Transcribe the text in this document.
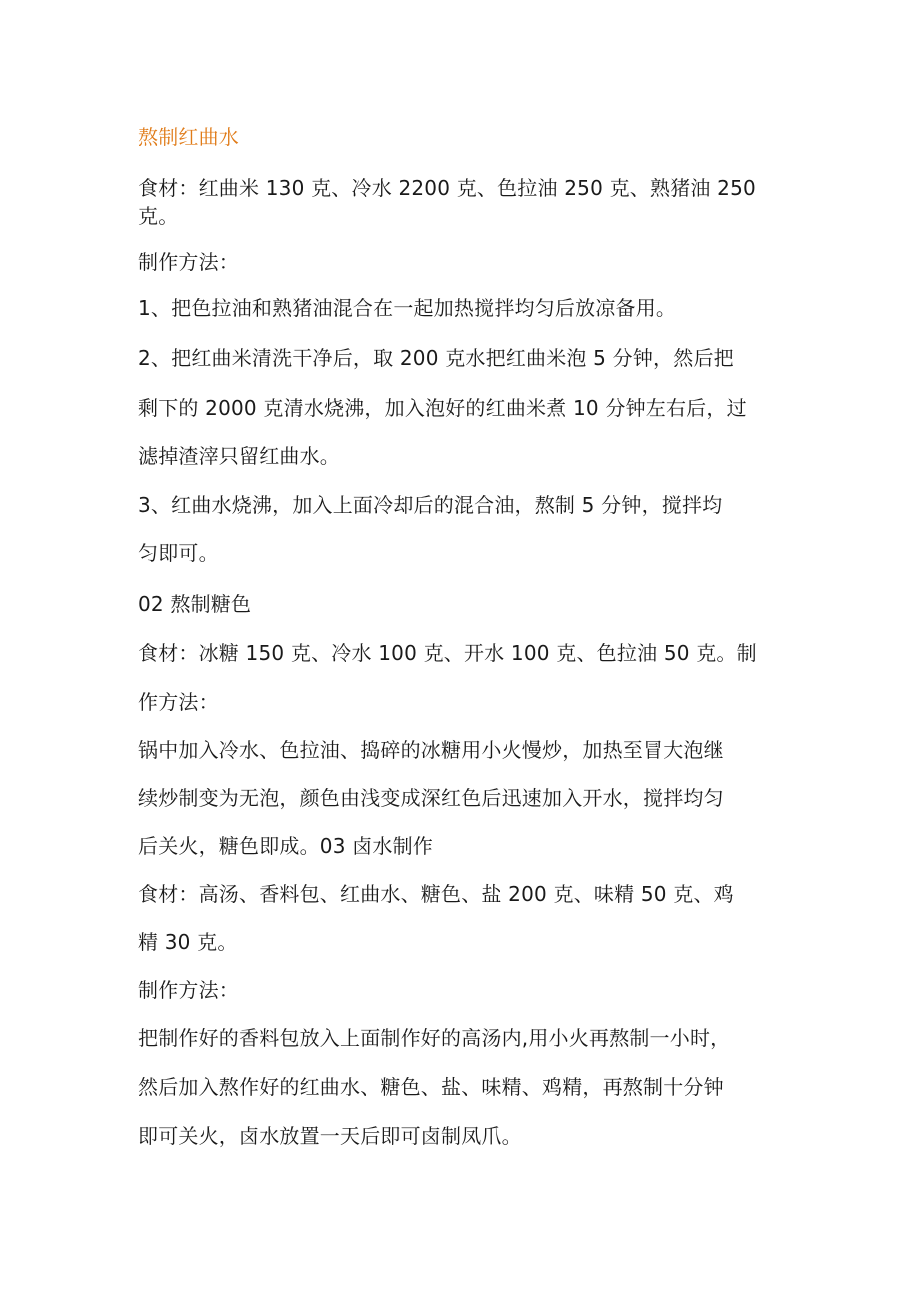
熬制红曲水
食材：红曲米 130 克、冷水 2200 克、色拉油 250 克、熟猪油 250
克。
制作方法：
1、把色拉油和熟猪油混合在一起加热搅拌均匀后放凉备用。
2、把红曲米清洗干净后，取 200 克水把红曲米泡 5 分钟，然后把
剩下的 2000 克清水烧沸，加入泡好的红曲米煮 10 分钟左右后，过
滤掉渣滓只留红曲水。
3、红曲水烧沸，加入上面冷却后的混合油，熬制 5 分钟，搅拌均
匀即可。
02 熬制糖色
食材：冰糖 150 克、冷水 100 克、开水 100 克、色拉油 50 克。制
作方法：
锅中加入冷水、色拉油、捣碎的冰糖用小火慢炒，加热至冒大泡继
续炒制变为无泡，颜色由浅变成深红色后迅速加入开水，搅拌均匀
后关火，糖色即成。03 卤水制作
食材：高汤、香料包、红曲水、糖色、盐 200 克、味精 50 克、鸡
精 30 克。
制作方法：
把制作好的香料包放入上面制作好的高汤内,用小火再熬制一小时，
然后加入熬作好的红曲水、糖色、盐、味精、鸡精，再熬制十分钟
即可关火，卤水放置一天后即可卤制凤爪。
